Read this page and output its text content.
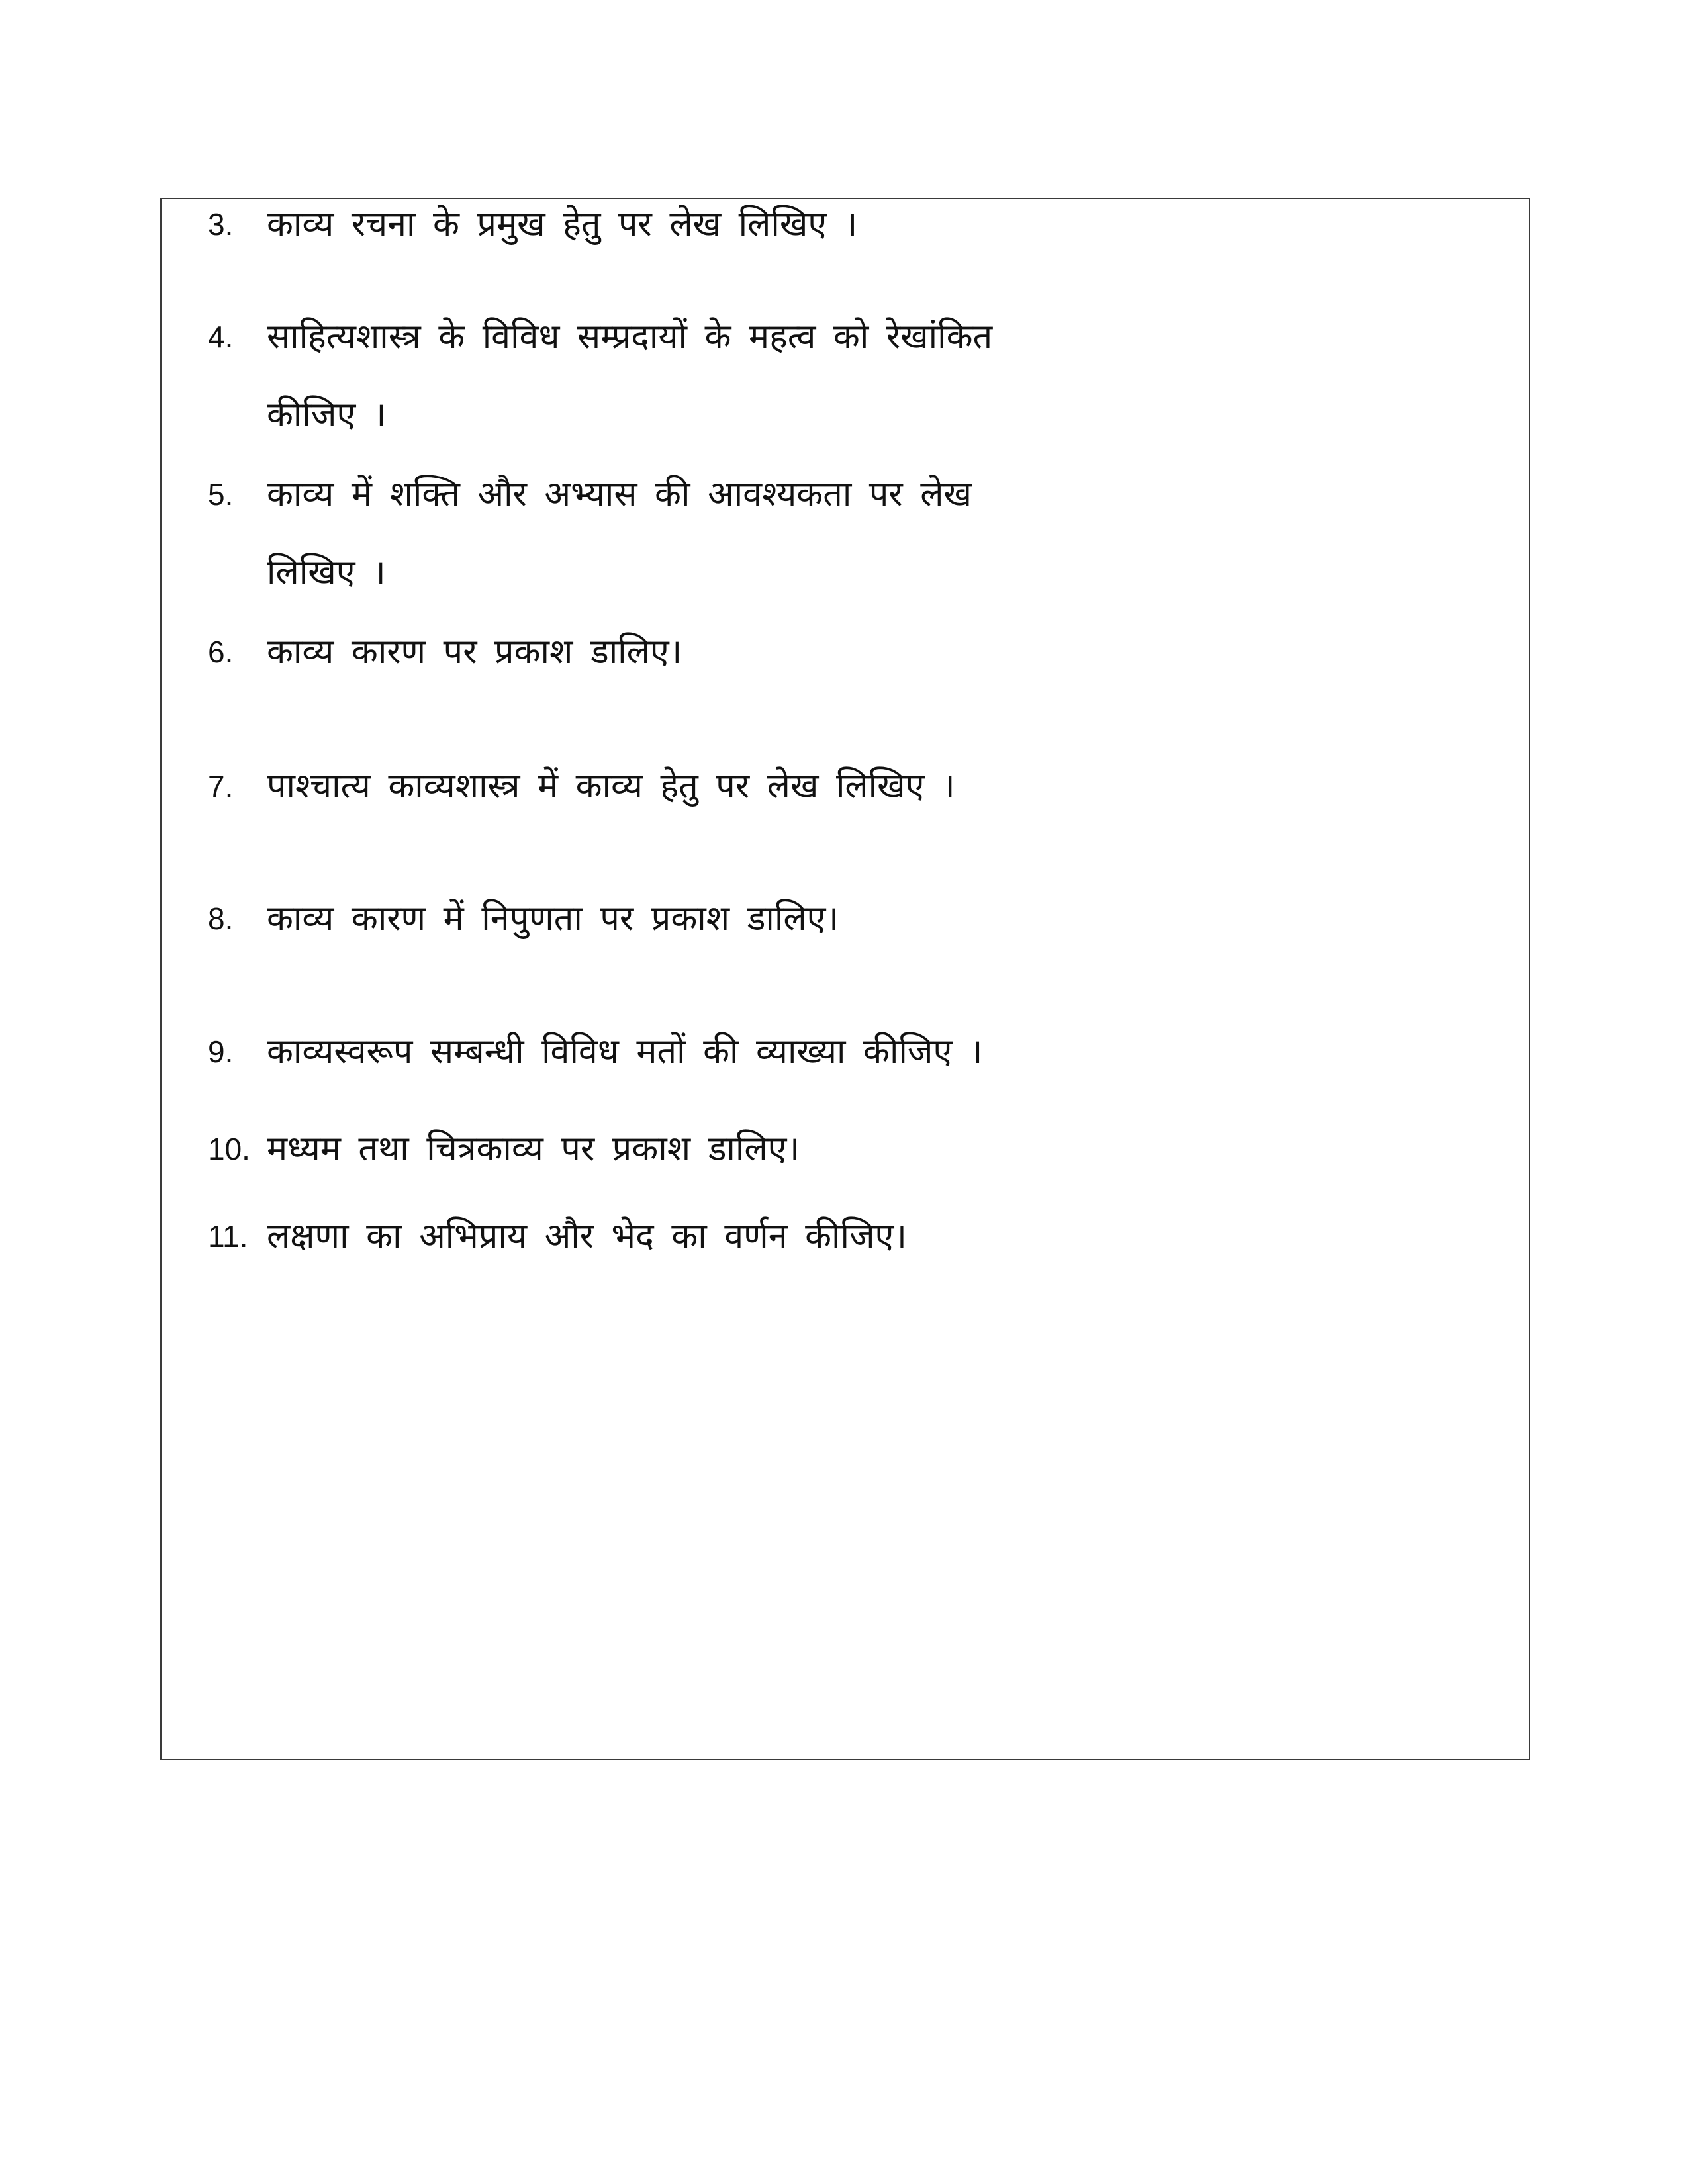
3. काव्य रचना के प्रमुख हेतु पर लेख लिखिए ।
4. साहित्यशास्त्र के विविध सम्प्रदायों के महत्व को रेखांकित
कीजिए ।
5. काव्य में शक्ति और अभ्यास की आवश्यकता पर लेख
लिखिए ।
6. काव्य कारण पर प्रकाश डालिए।
7. पाश्चात्य काव्यशास्त्र में काव्य हेतु पर लेख लिखिए ।
8. काव्य कारण में निपुणता पर प्रकाश डालिए।
9. काव्यस्वरूप सम्बन्धी विविध मतों की व्याख्या कीजिए ।
10. मध्यम तथा चित्रकाव्य पर प्रकाश डालिए।
11. लक्षणा का अभिप्राय और भेद का वर्णन कीजिए।
